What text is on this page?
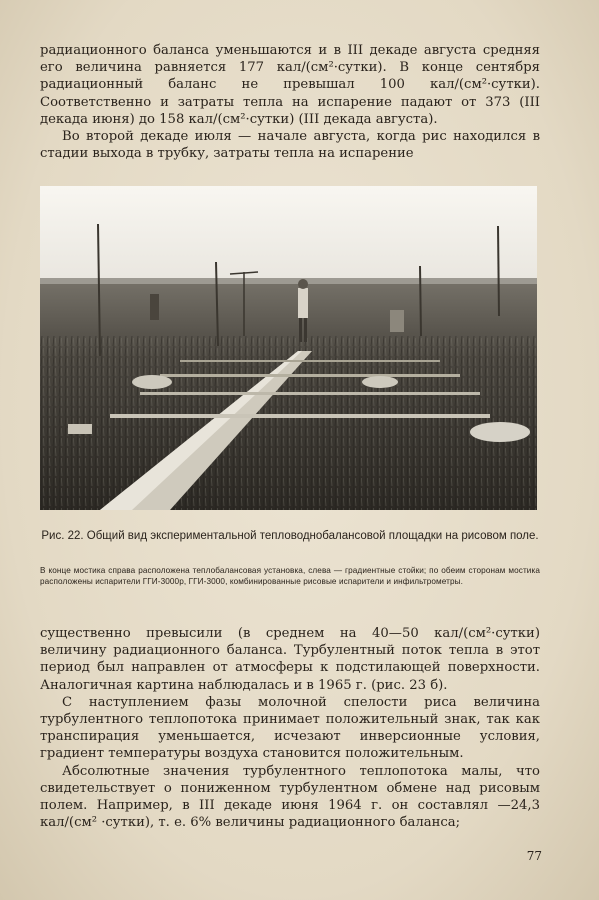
радиационного баланса уменьшаются и в III декаде августа средняя его величина равняется 177 кал/(см²·сутки). В конце сентября радиационный баланс не превышал 100 кал/(см²·сутки). Соответственно и затраты тепла на испарение падают от 373 (III декада июня) до 158 кал/(см²·сутки) (III декада августа).

Во второй декаде июля — начале августа, когда рис находился в стадии выхода в трубку, затраты тепла на испарение

Рис. 22. Общий вид экспериментальной тепловоднобалансовой площадки на рисовом поле.
В конце мостика справа расположена теплобалансовая установка, слева — градиентные стойки; по обеим сторонам мостика расположены испарители ГГИ-3000р, ГГИ-3000, комбинированные рисовые испарители и инфильтрометры.

существенно превысили (в среднем на 40—50 кал/(см²·сутки) величину радиационного баланса. Турбулентный поток тепла в этот период был направлен от атмосферы к подстилающей поверхности. Аналогичная картина наблюдалась и в 1965 г. (рис. 23 б).

С наступлением фазы молочной спелости риса величина турбулентного теплопотока принимает положительный знак, так как транспирация уменьшается, исчезают инверсионные условия, градиент температуры воздуха становится положительным.

Абсолютные значения турбулентного теплопотока малы, что свидетельствует о пониженном турбулентном обмене над рисовым полем. Например, в III декаде июня 1964 г. он составлял —24,3 кал/(см² ·сутки), т. е. 6% величины радиационного баланса;

77
